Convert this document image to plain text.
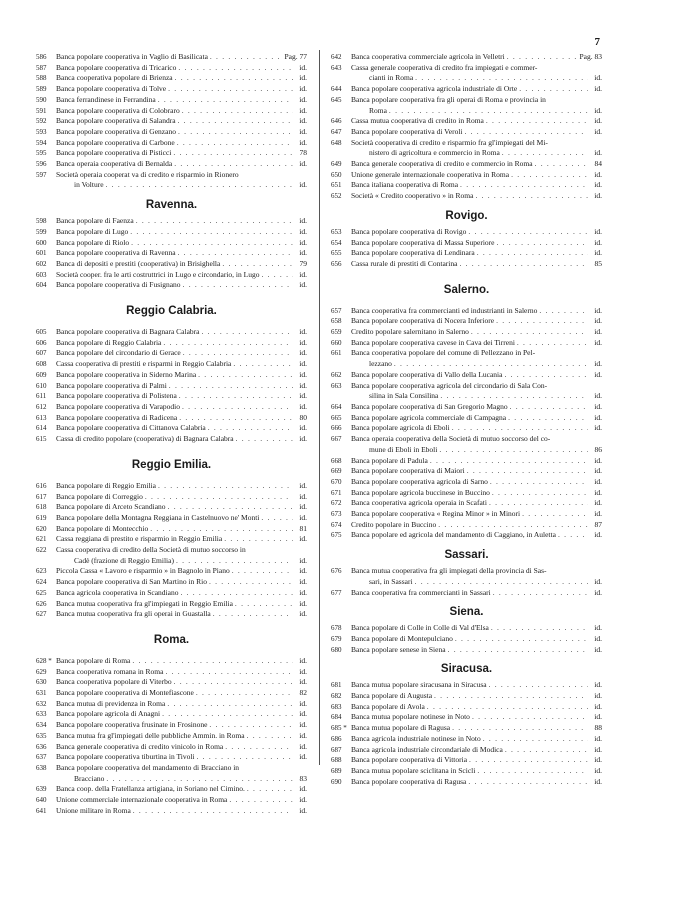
7
586	Banca popolare cooperativa in Vaglio di Basilicata . . .	Pag. 77
587	Banca popolare cooperativa di Tricarico . . .	id.
588	Banca cooperativa popolare di Brienza . . .	id.
589	Banca popolare cooperativa di Tolve . . .	id.
590	Banca ferrandinese in Ferrandina . . .	id.
591	Banca popolare cooperativa di Colobraro . . .	id.
592	Banca popolare cooperativa di Salandra . . .	id.
593	Banca popolare cooperativa di Genzano . . .	id.
594	Banca popolare cooperativa di Carbone . . .	id.
595	Banca popolare cooperativa di Pisticci . . .	78
596	Banca operaia cooperativa di Bernalda . . .	id.
597	Società operaia cooperat va di credito e risparmio in Rionero
in Volture . . .	id.
Ravenna.
598	Banca popolare di Faenza . . .	id.
599	Banca popolare di Lugo . . .	id.
600	Banca popolare di Riolo . . .	id.
601	Banca popolare cooperativa di Ravenna . . .	id.
602	Banca di depositi e prestiti (cooperativa) in Brisighella . . .	79
603	Società cooper. fra le arti costruttrici in Lugo e circondario, in Lugo . . .	id.
604	Banca popolare cooperativa di Fusignano . . .	id.
Reggio Calabria.
605	Banca popolare cooperativa di Bagnara Calabra . . .	id.
606	Banca popolare di Reggio Calabria . . .	id.
607	Banca popolare del circondario di Gerace . . .	id.
608	Cassa cooperativa di prestiti e risparmi in Reggio Calabria . . .	id.
609	Banca popolare cooperativa in Siderno Marina . . .	id.
610	Banca popolare cooperativa di Palmi . . .	id.
611	Banca popolare cooperativa di Polistena . . .	id.
612	Banca popolare cooperativa di Varapodio . . .	id.
613	Banca popolare cooperativa di Radicena . . .	80
614	Banca popolare cooperativa di Cittanova Calabria . . .	id.
615	Cassa di credito popolare (cooperativa) di Bagnara Calabra . . .	id.
Reggio Emilia.
616	Banca popolare di Reggio Emilia . . .	id.
617	Banca popolare di Correggio . . .	id.
618	Banca popolare di Arceto Scandiano . . .	id.
619	Banca popolare della Montagna Reggiana in Castelnuovo ne' Monti . . .	id.
620	Banca popolare di Montecchio . . .	81
621	Cassa reggiana di prestito e risparmio in Reggio Emilia . . .	id.
622	Cassa cooperativa di credito della Società di mutuo soccorso in
Cadè (frazione di Reggio Emilia) . . .	id.
623	Piccola Cassa « Lavoro e risparmio » in Bagnolo in Piano . . .	id.
624	Banca popolare cooperativa di San Martino in Rio . . .	id.
625	Banca agricola cooperativa in Scandiano . . .	id.
626	Banca mutua cooperativa fra gl'impiegati in Reggio Emilia . . .	id.
627	Banca mutua cooperativa fra gli operai in Guastalla . . .	id.
Roma.
628 * Banca popolare di Roma . . .	id.
629	Banca cooperativa romana in Roma . . .	id.
630	Banca cooperativa popolare di Viterbo . . .	id.
631	Banca popolare cooperativa di Montefiascone . . .	82
632	Banca mutua di previdenza in Roma . . .	id.
633	Banca popolare agricola di Anagni . . .	id.
634	Banca popolare cooperativa frusinate in Frosinone . . .	id.
635	Banca mutua fra gl'impiegati delle pubbliche Ammin. in Roma . . .	id.
636	Banca generale cooperativa di credito vinicolo in Roma . . .	id.
637	Banca popolare cooperativa tiburtina in Tivoli . . .	id.
638	Banca popolare cooperativa del mandamento di Bracciano in
Bracciano . . .	83
639	Banca coop. della Fratellanza artigiana, in Soriano nel Cimino. . . .	id.
640	Unione commerciale internazionale cooperativa in Roma . . .	id.
641	Unione militare in Roma . . .	id.
642	Banca cooperativa commerciale agricola in Velletri . . .	Pag. 83
643	Cassa generale cooperativa di credito fra impiegati e commer-
cianti in Roma . . .	id.
644	Banca popolare cooperativa agricola industriale di Orte . . .	id.
645	Banca popolare cooperativa fra gli operai di Roma e provincia in
Roma . . .	id.
646	Cassa mutua cooperativa di credito in Roma . . .	id.
647	Banca popolare cooperativa di Veroli . . .	id.
648	Società cooperativa di credito e risparmio fra gl'impiegati del Mi-
nistero di agricoltura e commercio in Roma . . .	id.
649	Banca generale cooperativa di credito e commercio in Roma . . .	84
650	Unione generale internazionale cooperativa in Roma . . .	id.
651	Banca italiana cooperativa di Roma . . .	id.
652	Società « Credito cooperativo » in Roma . . .	id.
Rovigo.
653	Banca popolare cooperativa di Rovigo . . .	id.
654	Banca popolare cooperativa di Massa Superiore . . .	id.
655	Banca popolare cooperativa di Lendinara . . .	id.
656	Cassa rurale di prestiti di Contarina . . .	85
Salerno.
657	Banca cooperativa fra commercianti ed industrianti in Salerno . . .	id.
658	Banca popolare cooperativa di Nocera Inferiore . . .	id.
659	Credito popolare salernitano in Salerno . . .	id.
660	Banca popolare cooperativa cavese in Cava dei Tirreni . . .	id.
661	Banca cooperativa popolare del comune di Pellezzano in Pel-
lezzano . . .	id.
662	Banca popolare cooperativa di Vallo della Lucania . . .	id.
663	Banca popolare cooperativa agricola del circondario di Sala Con-
silina in Sala Consilina . . .	id.
664	Banca popolare cooperativa di San Gregorio Magno . . .	id.
665	Banca popolare agricola commerciale di Campagna . . .	id.
666	Banca popolare agricola di Eboli . . .	id.
667	Banca operaia cooperativa della Società di mutuo soccorso del co-
mune di Eboli in Eboli . . .	86
668	Banca popolare di Padula . . .	id.
669	Banca popolare cooperativa di Maiori . . .	id.
670	Banca popolare cooperativa agricola di Sarno . . .	id.
671	Banca popolare agricola buccinese in Buccino . . .	id.
672	Banca cooperativa agricola operaia in Scafati . . .	id.
673	Banca popolare cooperativa « Regina Minor » in Minori . . .	id.
674	Credito popolare in Buccino . . .	87
675	Banca popolare ed agricola del mandamento di Caggiano, in Auletta . . .	id.
Sassari.
676	Banca mutua cooperativa fra gli impiegati della provincia di Sas-
sari, in Sassari . . .	id.
677	Banca cooperativa fra commercianti in Sassari . . .	id.
Siena.
678	Banca popolare di Colle in Colle di Val d'Elsa . . .	id.
679	Banca popolare di Montepulciano . . .	id.
680	Banca popolare senese in Siena . . .	id.
Siracusa.
681	Banca mutua popolare siracusana in Siracusa . . .	id.
682	Banca popolare di Augusta . . .	id.
683	Banca popolare di Avola . . .	id.
684	Banca mutua popolare notinese in Noto . . .	id.
685 * Banca mutua popolare di Ragusa . . .	88
686	Banca agricola industriale notinese in Noto . . .	id.
687	Banca agricola industriale circondariale di Modica . . .	id.
688	Banca popolare cooperativa di Vittoria . . .	id.
689	Banca mutua popolare sciclitana in Scicli . . .	id.
690	Banca popolare cooperativa di Ragusa . . .	id.
